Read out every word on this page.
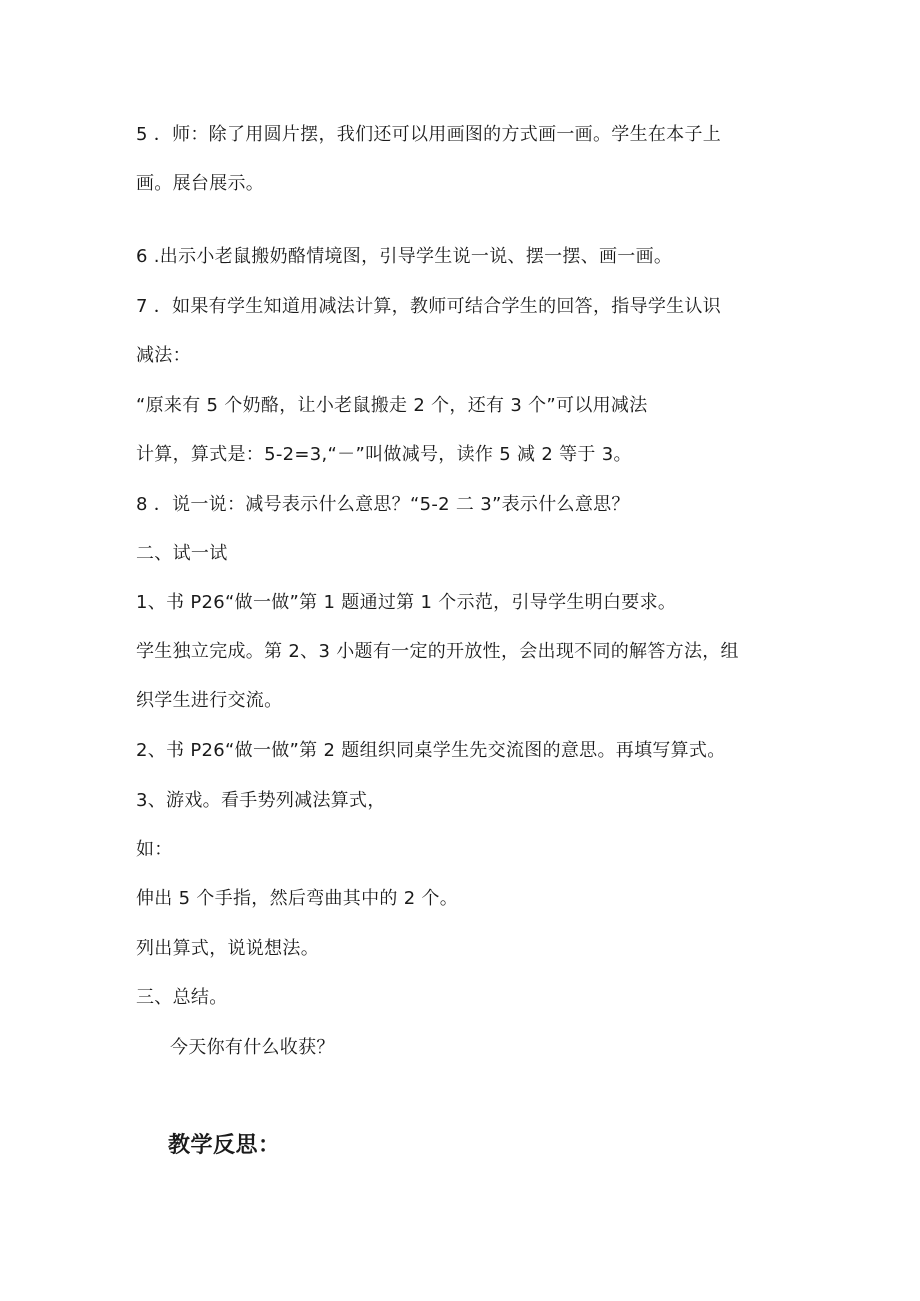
5 ．师：除了用圆片摆，我们还可以用画图的方式画一画。学生在本子上
画。展台展示。
6 .出示小老鼠搬奶酪情境图，引导学生说一说、摆一摆、画一画。
7 ．如果有学生知道用减法计算，教师可结合学生的回答，指导学生认识
减法：
“原来有 5 个奶酪，让小老鼠搬走 2 个，还有 3 个”可以用减法
计算，算式是：5-2=3,“－”叫做减号，读作 5 减 2 等于 3。
8 ．说一说：减号表示什么意思？“5-2 二 3”表示什么意思？
二、试一试
1、书 P26“做一做”第 1 题通过第 1 个示范，引导学生明白要求。
学生独立完成。第 2、3 小题有一定的开放性，会出现不同的解答方法，组
织学生进行交流。
2、书 P26“做一做”第 2 题组织同桌学生先交流图的意思。再填写算式。
3、游戏。看手势列减法算式，
如：
伸出 5 个手指，然后弯曲其中的 2 个。
列出算式，说说想法。
三、总结。
今天你有什么收获？
教学反思：
